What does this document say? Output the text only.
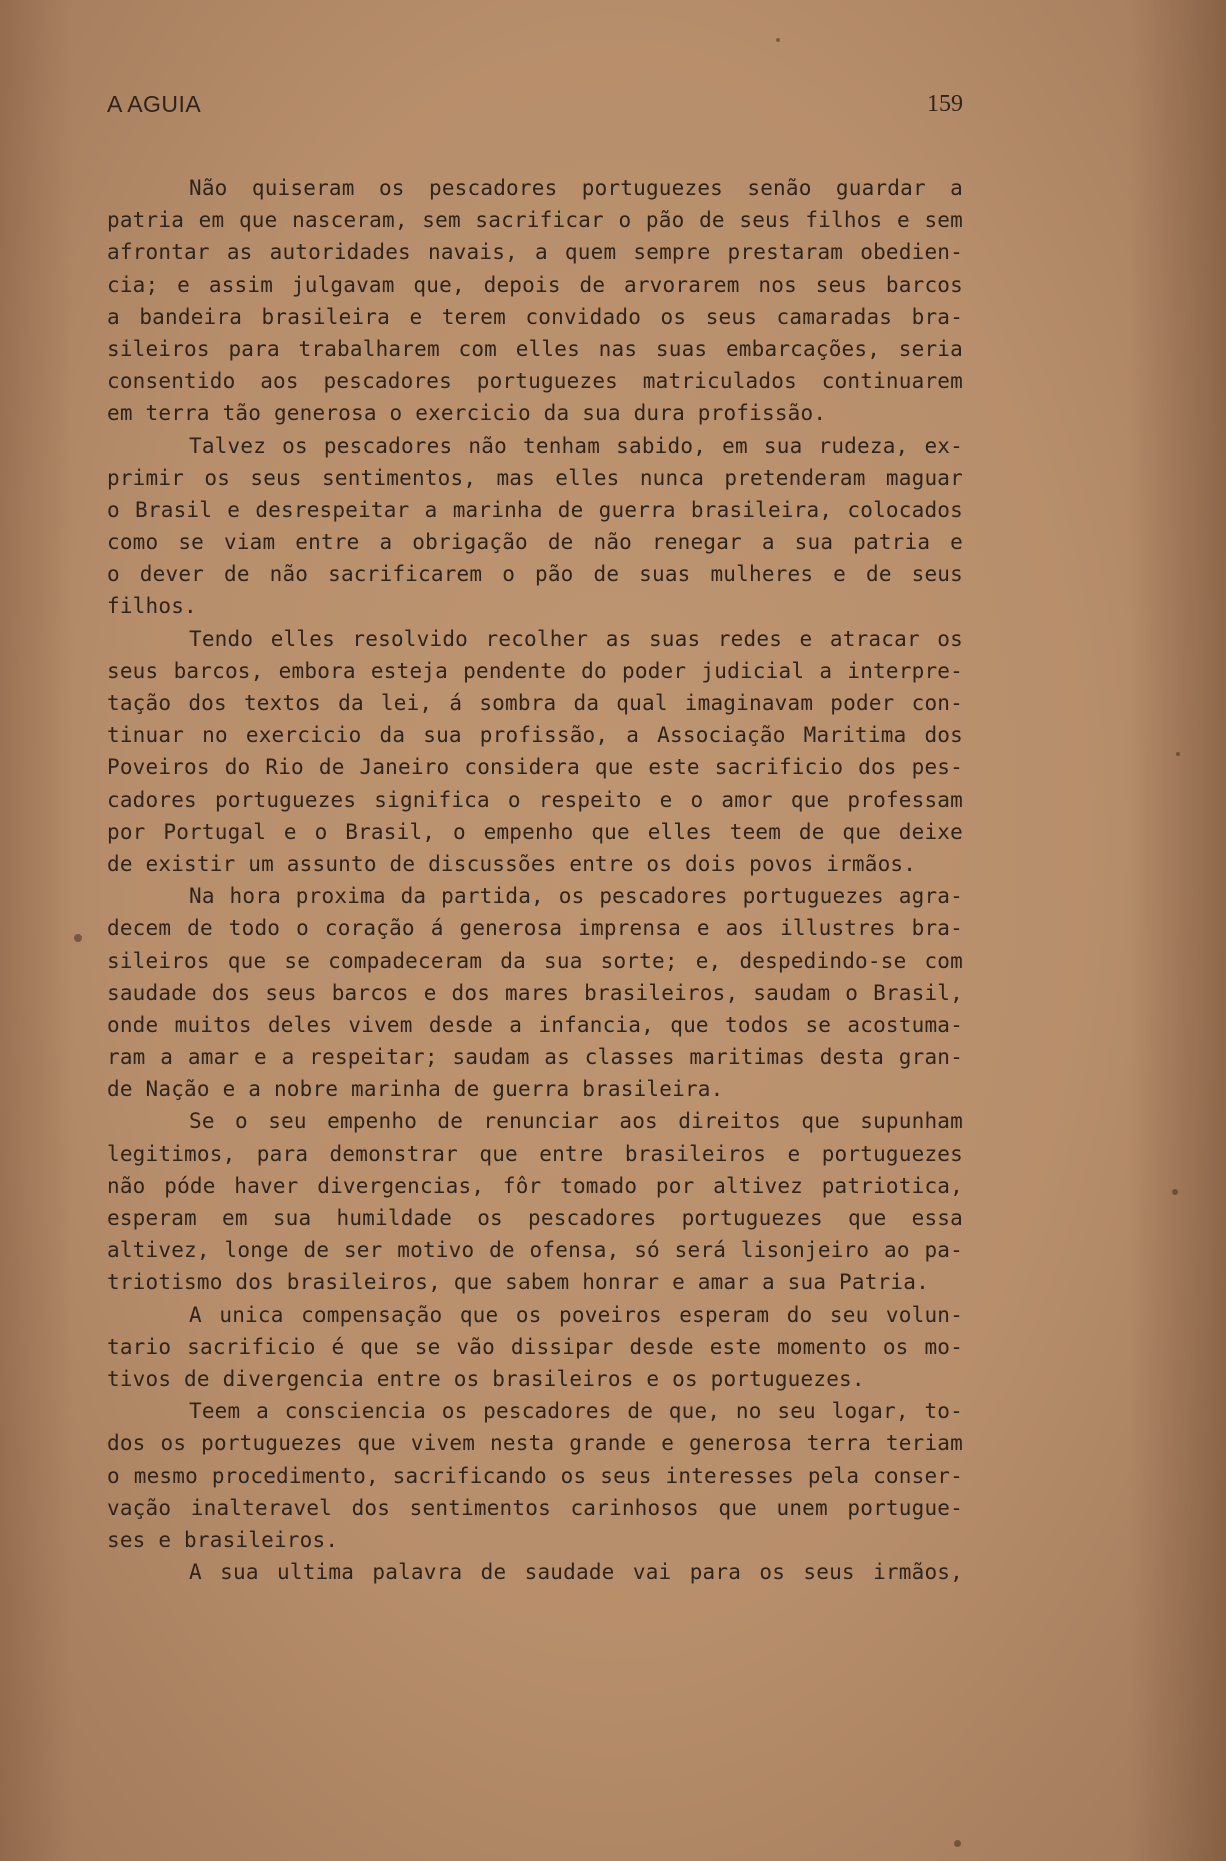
A AGUIA	159
Não quiseram os pescadores portuguezes senão guardar a
patria em que nasceram, sem sacrificar o pão de seus filhos e sem
afrontar as autoridades navais, a quem sempre prestaram obedien-
cia; e assim julgavam que, depois de arvorarem nos seus barcos
a bandeira brasileira e terem convidado os seus camaradas bra-
sileiros para trabalharem com elles nas suas embarcações, seria
consentido aos pescadores portuguezes matriculados continuarem
em terra tão generosa o exercicio da sua dura profissão.
Talvez os pescadores não tenham sabido, em sua rudeza, ex-
primir os seus sentimentos, mas elles nunca pretenderam maguar
o Brasil e desrespeitar a marinha de guerra brasileira, colocados
como se viam entre a obrigação de não renegar a sua patria e
o dever de não sacrificarem o pão de suas mulheres e de seus
filhos.
Tendo elles resolvido recolher as suas redes e atracar os
seus barcos, embora esteja pendente do poder judicial a interpre-
tação dos textos da lei, á sombra da qual imaginavam poder con-
tinuar no exercicio da sua profissão, a Associação Maritima dos
Poveiros do Rio de Janeiro considera que este sacrificio dos pes-
cadores portuguezes significa o respeito e o amor que professam
por Portugal e o Brasil, o empenho que elles teem de que deixe
de existir um assunto de discussões entre os dois povos irmãos.
Na hora proxima da partida, os pescadores portuguezes agra-
decem de todo o coração á generosa imprensa e aos illustres bra-
sileiros que se compadeceram da sua sorte; e, despedindo-se com
saudade dos seus barcos e dos mares brasileiros, saudam o Brasil,
onde muitos deles vivem desde a infancia, que todos se acostuma-
ram a amar e a respeitar; saudam as classes maritimas desta gran-
de Nação e a nobre marinha de guerra brasileira.
Se o seu empenho de renunciar aos direitos que supunham
legitimos, para demonstrar que entre brasileiros e portuguezes
não póde haver divergencias, fôr tomado por altivez patriotica,
esperam em sua humildade os pescadores portuguezes que essa
altivez, longe de ser motivo de ofensa, só será lisonjeiro ao pa-
triotismo dos brasileiros, que sabem honrar e amar a sua Patria.
A unica compensação que os poveiros esperam do seu volun-
tario sacrificio é que se vão dissipar desde este momento os mo-
tivos de divergencia entre os brasileiros e os portuguezes.
Teem a consciencia os pescadores de que, no seu logar, to-
dos os portuguezes que vivem nesta grande e generosa terra teriam
o mesmo procedimento, sacrificando os seus interesses pela conser-
vação inalteravel dos sentimentos carinhosos que unem portugue-
ses e brasileiros.
A sua ultima palavra de saudade vai para os seus irmãos,
